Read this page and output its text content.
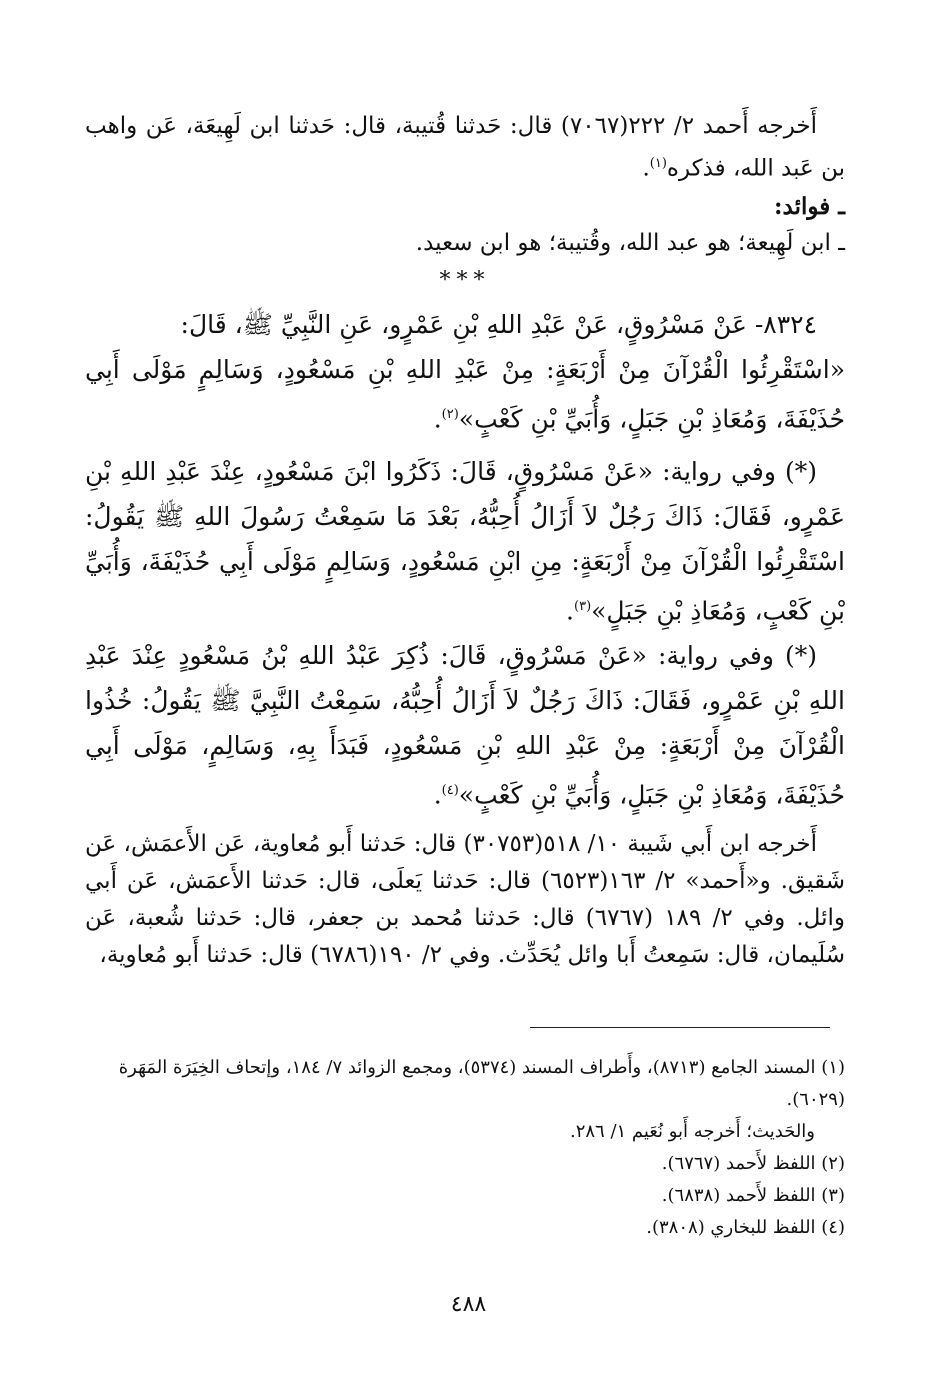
أَخرجه أَحمد ٢/ ٢٢٢(٧٠٦٧) قال: حَدثنا قُتيبة، قال: حَدثنا ابن لَهِيعَة، عَن واهب بن عَبد الله، فذكره$^{(١)}$.

ـ فوائد:

ـ ابن لَهِيعة؛ هو عبد الله، وقُتيبة؛ هو ابن سعيد.

***

٨٣٢٤- عَنْ مَسْرُوقٍ، عَنْ عَبْدِ اللهِ بْنِ عَمْرٍو، عَنِ النَّبِيِّ ﷺ، قَالَ:

«اسْتَقْرِئُوا الْقُرْآنَ مِنْ أَرْبَعَةٍ: مِنْ عَبْدِ اللهِ بْنِ مَسْعُودٍ، وَسَالِمٍ مَوْلَى أَبِي حُذَيْفَةَ، وَمُعَاذِ بْنِ جَبَلٍ، وَأُبَيِّ بْنِ كَعْبٍ»$^{(٢)}$.

(*) وفي رواية: «عَنْ مَسْرُوقٍ، قَالَ: ذَكَرُوا ابْنَ مَسْعُودٍ، عِنْدَ عَبْدِ اللهِ بْنِ عَمْرٍو، فَقَالَ: ذَاكَ رَجُلٌ لاَ أَزَالُ أُحِبُّهُ، بَعْدَ مَا سَمِعْتُ رَسُولَ اللهِ ﷺ يَقُولُ: اسْتَقْرِئُوا الْقُرْآنَ مِنْ أَرْبَعَةٍ: مِنِ ابْنِ مَسْعُودٍ، وَسَالِمٍ مَوْلَى أَبِي حُذَيْفَةَ، وَأُبَيِّ بْنِ كَعْبٍ، وَمُعَاذِ بْنِ جَبَلٍ»$^{(٣)}$.

(*) وفي رواية: «عَنْ مَسْرُوقٍ، قَالَ: ذُكِرَ عَبْدُ اللهِ بْنُ مَسْعُودٍ عِنْدَ عَبْدِ اللهِ بْنِ عَمْرٍو، فَقَالَ: ذَاكَ رَجُلٌ لاَ أَزَالُ أُحِبُّهُ، سَمِعْتُ النَّبِيَّ ﷺ يَقُولُ: خُذُوا الْقُرْآنَ مِنْ أَرْبَعَةٍ: مِنْ عَبْدِ اللهِ بْنِ مَسْعُودٍ، فَبَدَأَ بِهِ، وَسَالِمٍ، مَوْلَى أَبِي حُذَيْفَةَ، وَمُعَاذِ بْنِ جَبَلٍ، وَأُبَيِّ بْنِ كَعْبٍ»$^{(٤)}$.

أَخرجه ابن أَبي شَيبة ١٠/ ٥١٨(٣٠٧٥٣) قال: حَدثنا أَبو مُعاوية، عَن الأَعمَش، عَن شَقيق. و«أَحمد» ٢/ ١٦٣(٦٥٢٣) قال: حَدثنا يَعلَى، قال: حَدثنا الأَعمَش، عَن أَبي وائل. وفي ٢/ ١٨٩ (٦٧٦٧) قال: حَدثنا مُحمد بن جعفر، قال: حَدثنا شُعبة، عَن سُلَيمان، قال: سَمِعتُ أَبا وائل يُحَدِّث. وفي ٢/ ١٩٠(٦٧٨٦) قال: حَدثنا أَبو مُعاوية،

(١) المسند الجامع (٨٧١٣)، وأَطراف المسند (٥٣٧٤)، ومجمع الزوائد ٧/ ١٨٤، وإتحاف الخِيَرَة المَهَرة (٦٠٢٩).

والحَديث؛ أَخرجه أَبو نُعَيم ١/ ٢٨٦.

(٢) اللفظ لأَحمد (٦٧٦٧).

(٣) اللفظ لأَحمد (٦٨٣٨).

(٤) اللفظ للبخاري (٣٨٠٨).

٤٨٨
